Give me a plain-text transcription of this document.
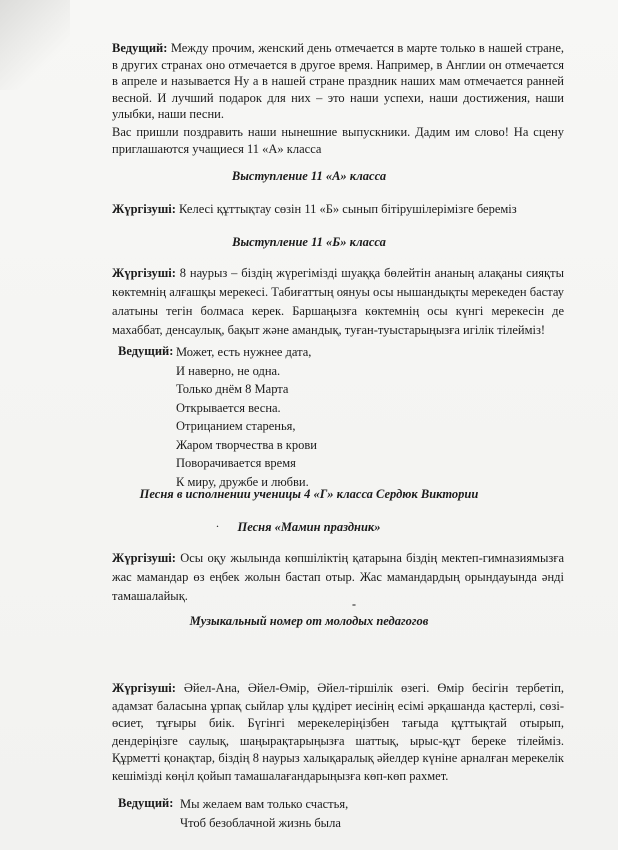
Ведущий: Между прочим, женский день отмечается в марте только в нашей стране, в других странах оно отмечается в другое время. Например, в Англии он отмечается в апреле и называется Ну а в нашей стране праздник наших мам отмечается ранней весной. И лучший подарок для них – это наши успехи, наши достижения, наши улыбки, наши песни.
Вас пришли поздравить наши нынешние выпускники. Дадим им слово! На сцену приглашаются учащиеся 11 «А» класса
Выступление 11 «А» класса
Жүргізуші: Келесі құттықтау сөзін 11 «Б» сынып бітірушілерімізге береміз
Выступление 11 «Б» класса
Жүргізуші: 8 наурыз – біздің жүрегімізді шуаққа бөлейтін ананың алақаны сияқты көктемнің алғашқы мерекесі. Табиғаттың оянуы осы нышандықты мерекеден бастау алатыны тегін болмаса керек. Баршаңызға көктемнің осы күнгі мерекесін де махаббат, денсаулық, бақыт және амандық, туған-туыстарыңызға игілік тілейміз!
Ведущий: Может, есть нужнее дата,
И наверно, не одна.
Только днём 8 Марта
Открывается весна.
Отрицанием старенья,
Жаром творчества в крови
Поворачивается время
К миру, дружбе и любви.
Песня в исполнении ученицы 4 «Г» класса Сердюк Виктории
.	Песня «Мамин праздник»
Жүргізуші: Осы оқу жылында көпшіліктің қатарына біздің мектеп-гимназиямызға жас мамандар өз еңбек жолын бастап отыр. Жас мамандардың орындауында әнді тамашалайық.
-
Музыкальный номер от молодых педагогов
Жүргізуші: Әйел-Ана, Әйел-Өмір, Әйел-тіршілік өзегі. Өмір бесігін тербетіп, адамзат баласына ұрпақ сыйлар ұлы құдірет иесінің есімі әрқашанда қастерлі, сөзі-өсиет, тұғыры биік. Бүгінгі мерекелеріңізбен тағыда құттықтай отырып, дендеріңізге саулық, шаңырақтарыңызға шаттық, ырыс-құт береке тілейміз. Құрметті қонақтар, біздің 8 наурыз халықаралық әйелдер күніне арналған мерекелік кешімізді көңіл қойып тамашалағандарыңызға көп-көп рахмет.
Ведущий: Мы желаем вам только счастья,
Чтоб безоблачной жизнь была
